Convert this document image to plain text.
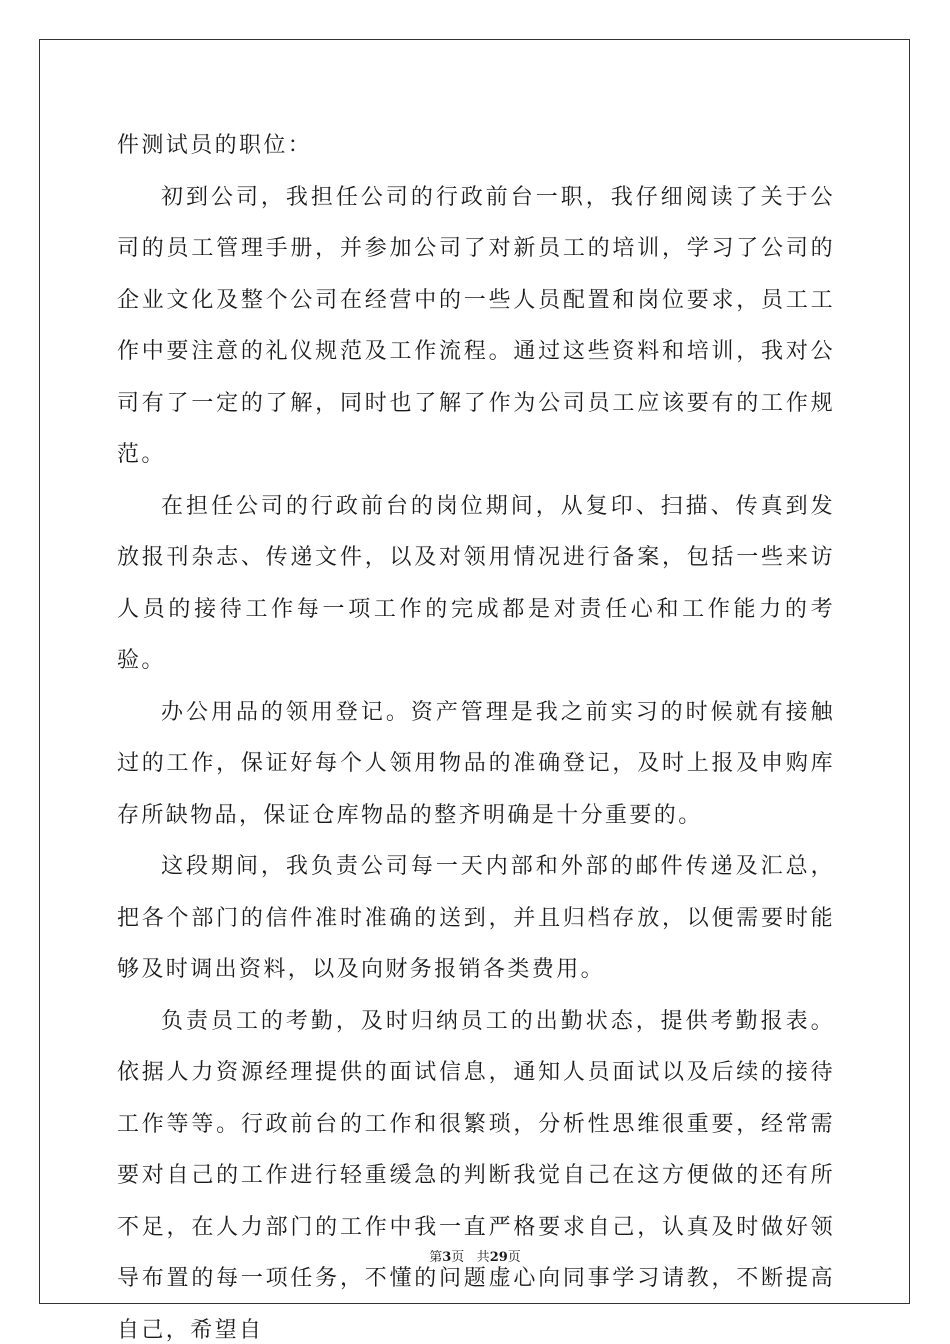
件测试员的职位：

初到公司，我担任公司的行政前台一职，我仔细阅读了关于公司的员工管理手册，并参加公司了对新员工的培训，学习了公司的企业文化及整个公司在经营中的一些人员配置和岗位要求，员工工作中要注意的礼仪规范及工作流程。通过这些资料和培训，我对公司有了一定的了解，同时也了解了作为公司员工应该要有的工作规范。

在担任公司的行政前台的岗位期间，从复印、扫描、传真到发放报刊杂志、传递文件，以及对领用情况进行备案，包括一些来访人员的接待工作每一项工作的完成都是对责任心和工作能力的考验。

办公用品的领用登记。资产管理是我之前实习的时候就有接触过的工作，保证好每个人领用物品的准确登记，及时上报及申购库存所缺物品，保证仓库物品的整齐明确是十分重要的。

这段期间，我负责公司每一天内部和外部的邮件传递及汇总，把各个部门的信件准时准确的送到，并且归档存放，以便需要时能够及时调出资料，以及向财务报销各类费用。

负责员工的考勤，及时归纳员工的出勤状态，提供考勤报表。依据人力资源经理提供的面试信息，通知人员面试以及后续的接待工作等等。行政前台的工作和很繁琐，分析性思维很重要，经常需要对自己的工作进行轻重缓急的判断我觉自己在这方便做的还有所不足，在人力部门的工作中我一直严格要求自己，认真及时做好领导布置的每一项任务，不懂的问题虚心向同事学习请教，不断提高自己，希望自

第3页 共29页
